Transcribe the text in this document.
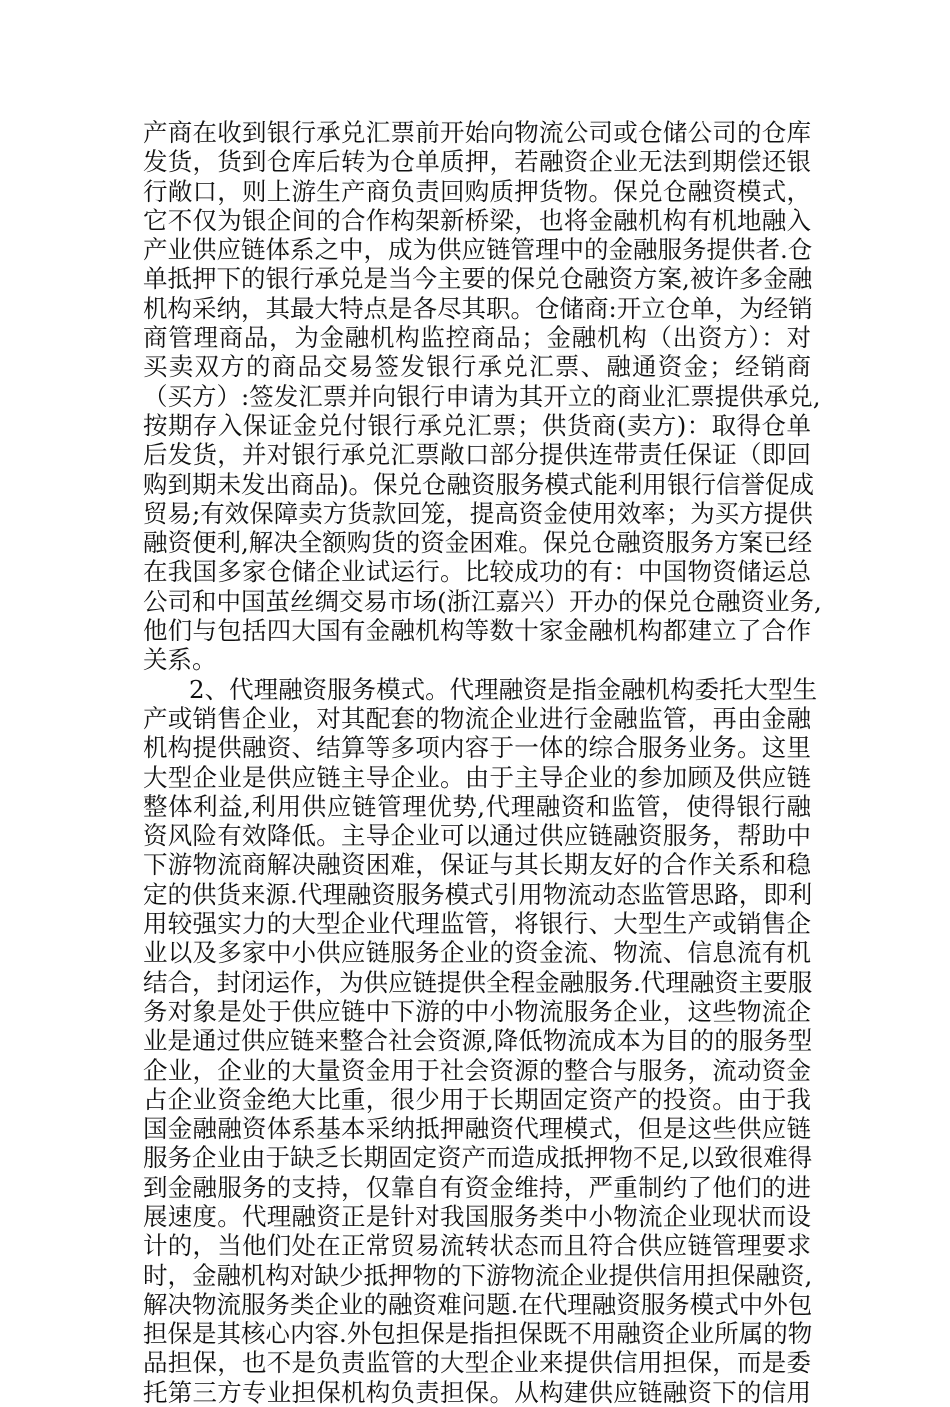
产商在收到银行承兑汇票前开始向物流公司或仓储公司的仓库
发货，货到仓库后转为仓单质押，若融资企业无法到期偿还银
行敞口，则上游生产商负责回购质押货物。保兑仓融资模式，
它不仅为银企间的合作构架新桥梁，也将金融机构有机地融入
产业供应链体系之中，成为供应链管理中的金融服务提供者.仓
单抵押下的银行承兑是当今主要的保兑仓融资方案,被许多金融
机构采纳，其最大特点是各尽其职。仓储商:开立仓单，为经销
商管理商品，为金融机构监控商品；金融机构（出资方）：对
买卖双方的商品交易签发银行承兑汇票、融通资金；经销商
（买方）:签发汇票并向银行申请为其开立的商业汇票提供承兑,
按期存入保证金兑付银行承兑汇票；供货商(卖方)：取得仓单
后发货，并对银行承兑汇票敞口部分提供连带责任保证（即回
购到期未发出商品)。保兑仓融资服务模式能利用银行信誉促成
贸易;有效保障卖方货款回笼，提高资金使用效率；为买方提供
融资便利,解决全额购货的资金困难。保兑仓融资服务方案已经
在我国多家仓储企业试运行。比较成功的有：中国物资储运总
公司和中国茧丝绸交易市场(浙江嘉兴）开办的保兑仓融资业务,
他们与包括四大国有金融机构等数十家金融机构都建立了合作
关系。
2、代理融资服务模式。代理融资是指金融机构委托大型生
产或销售企业，对其配套的物流企业进行金融监管，再由金融
机构提供融资、结算等多项内容于一体的综合服务业务。这里
大型企业是供应链主导企业。由于主导企业的参加顾及供应链
整体利益,利用供应链管理优势,代理融资和监管，使得银行融
资风险有效降低。主导企业可以通过供应链融资服务，帮助中
下游物流商解决融资困难，保证与其长期友好的合作关系和稳
定的供货来源.代理融资服务模式引用物流动态监管思路，即利
用较强实力的大型企业代理监管，将银行、大型生产或销售企
业以及多家中小供应链服务企业的资金流、物流、信息流有机
结合，封闭运作，为供应链提供全程金融服务.代理融资主要服
务对象是处于供应链中下游的中小物流服务企业，这些物流企
业是通过供应链来整合社会资源,降低物流成本为目的的服务型
企业，企业的大量资金用于社会资源的整合与服务，流动资金
占企业资金绝大比重，很少用于长期固定资产的投资。由于我
国金融融资体系基本采纳抵押融资代理模式，但是这些供应链
服务企业由于缺乏长期固定资产而造成抵押物不足,以致很难得
到金融服务的支持，仅靠自有资金维持，严重制约了他们的进
展速度。代理融资正是针对我国服务类中小物流企业现状而设
计的，当他们处在正常贸易流转状态而且符合供应链管理要求
时，金融机构对缺少抵押物的下游物流企业提供信用担保融资,
解决物流服务类企业的融资难问题.在代理融资服务模式中外包
担保是其核心内容.外包担保是指担保既不用融资企业所属的物
品担保，也不是负责监管的大型企业来提供信用担保，而是委
托第三方专业担保机构负责担保。从构建供应链融资下的信用
